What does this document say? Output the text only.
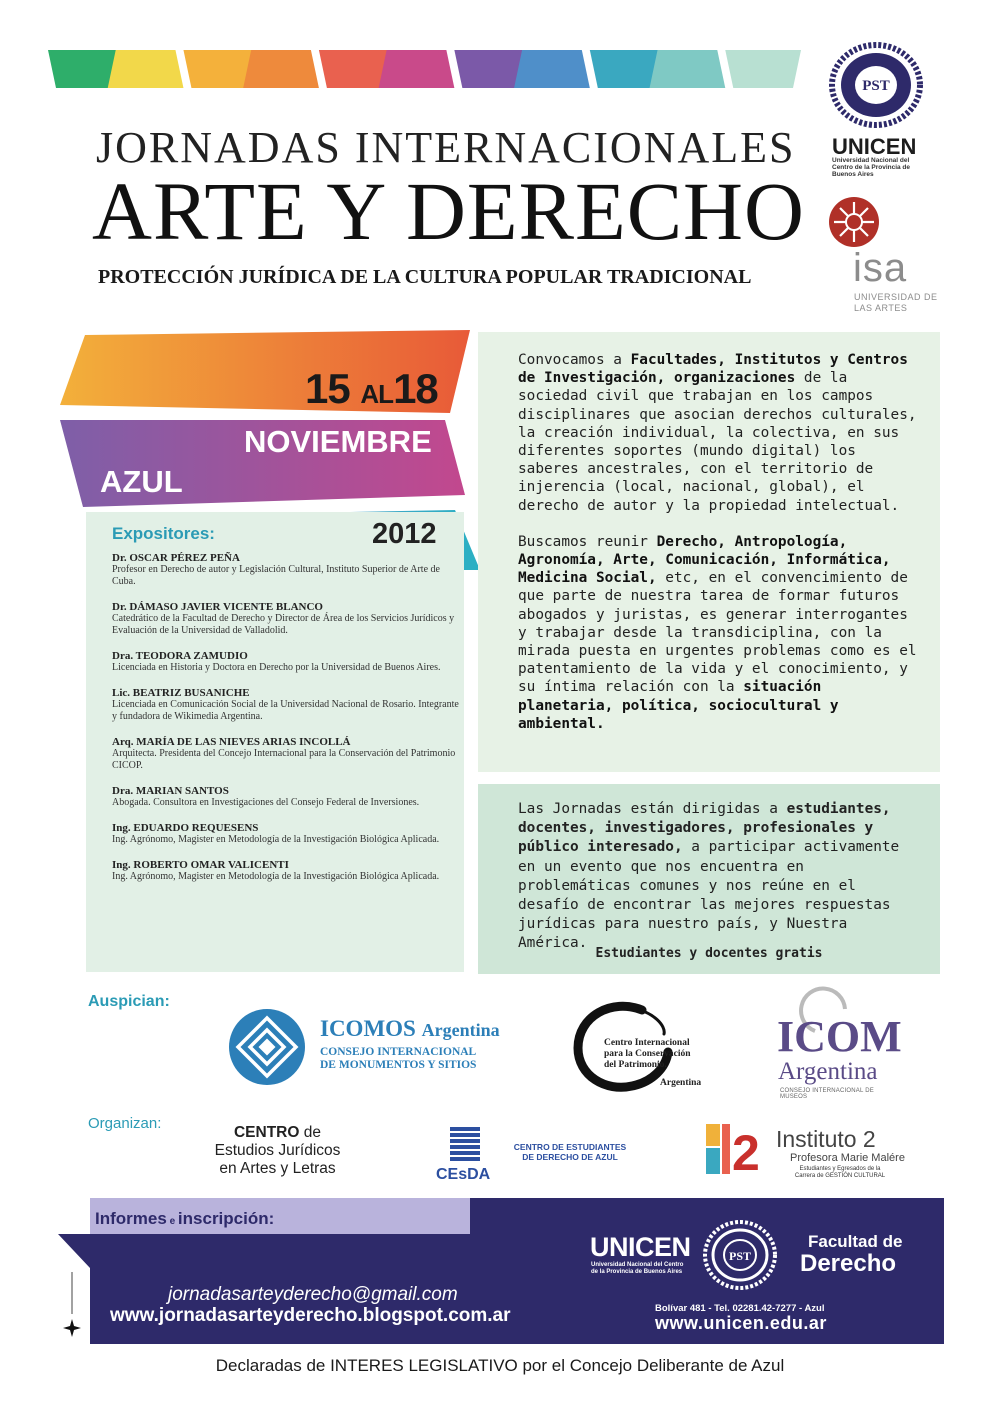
JORNADAS INTERNACIONALES
ARTE Y DERECHO
PROTECCIÓN JURÍDICA DE LA CULTURA POPULAR TRADICIONAL
PST
UNICEN
Universidad Nacional del Centro de la Provincia de Buenos Aires
isa
UNIVERSIDAD DE LAS ARTES
15 AL18
NOVIEMBRE
AZUL
2012
Expositores:
Dr. OSCAR PÉREZ PEÑA
Profesor en Derecho de autor y Legislación Cultural, Instituto Superior de Arte de Cuba.
Dr. DÁMASO JAVIER VICENTE BLANCO
Catedrático de la Facultad de Derecho y Director de Área de los Servicios Jurídicos y Evaluación de la Universidad de Valladolid.
Dra. TEODORA ZAMUDIO
Licenciada en Historia y Doctora en Derecho por la Universidad de Buenos Aires.
Lic. BEATRIZ BUSANICHE
Licenciada en Comunicación Social de la Universidad Nacional de Rosario. Integrante y fundadora de Wikimedia Argentina.
Arq. MARÍA DE LAS NIEVES ARIAS INCOLLÁ
Arquitecta. Presidenta del Concejo Internacional para la Conservación del Patrimonio CICOP.
Dra. MARIAN SANTOS
Abogada. Consultora en Investigaciones del Consejo Federal de Inversiones.
Ing. EDUARDO REQUESENS
Ing. Agrónomo, Magister en Metodología de la Investigación Biológica Aplicada.
Ing. ROBERTO OMAR VALICENTI
Ing. Agrónomo, Magister en Metodología de la Investigación Biológica Aplicada.

Convocamos a Facultades, Institutos y Centros de Investigación, organizaciones de la sociedad civil que trabajan en los campos disciplinares que asocian derechos culturales, la creación individual, la colectiva, en sus diferentes soportes (mundo digital) los saberes ancestrales, con el territorio de injerencia (local, nacional, global), el derecho de autor y la propiedad intelectual.

Buscamos reunir Derecho, Antropología, Agronomía, Arte, Comunicación, Informática, Medicina Social, etc, en el convencimiento de que parte de nuestra tarea de formar futuros abogados y juristas, es generar interrogantes y trabajar desde la transdiciplina, con la mirada puesta en urgentes problemas como es el patentamiento de la vida y el conocimiento, y su íntima relación con la situación planetaria, política, sociocultural y ambiental.

Las Jornadas están dirigidas a estudiantes, docentes, investigadores, profesionales y público interesado, a participar activamente en un evento que nos encuentra en problemáticas comunes y nos reúne en el desafío de encontrar las mejores respuestas jurídicas para nuestro país, y Nuestra América.
Estudiantes y docentes gratis
Auspician:
ICOMOS Argentina
CONSEJO INTERNACIONAL
DE MONUMENTOS Y SITIOS
Centro Internacional
para la Conservación
del Patrimonio.
Argentina
ICOM
Argentina
CONSEJO INTERNACIONAL DE MUSEOS
Organizan:
CENTRO de
Estudios Jurídicos
en Artes y Letras	CEsDA
CENTRO DE ESTUDIANTES
DE DERECHO DE AZUL	2 Instituto 2
Profesora Marie Malére
Estudiantes y Egresados de la
Carrera de GESTIÓN CULTURAL
Informes e inscripción:
jornadasarteyderecho@gmail.com
www.jornadasarteyderecho.blogspot.com.ar
UNICEN
Universidad Nacional del Centro
de la Provincia de Buenos Aires
PST
Facultad de
Derecho
Bolívar 481 - Tel. 02281.42-7277 - Azul
www.unicen.edu.ar
Declaradas de INTERES LEGISLATIVO por el Concejo Deliberante de Azul
